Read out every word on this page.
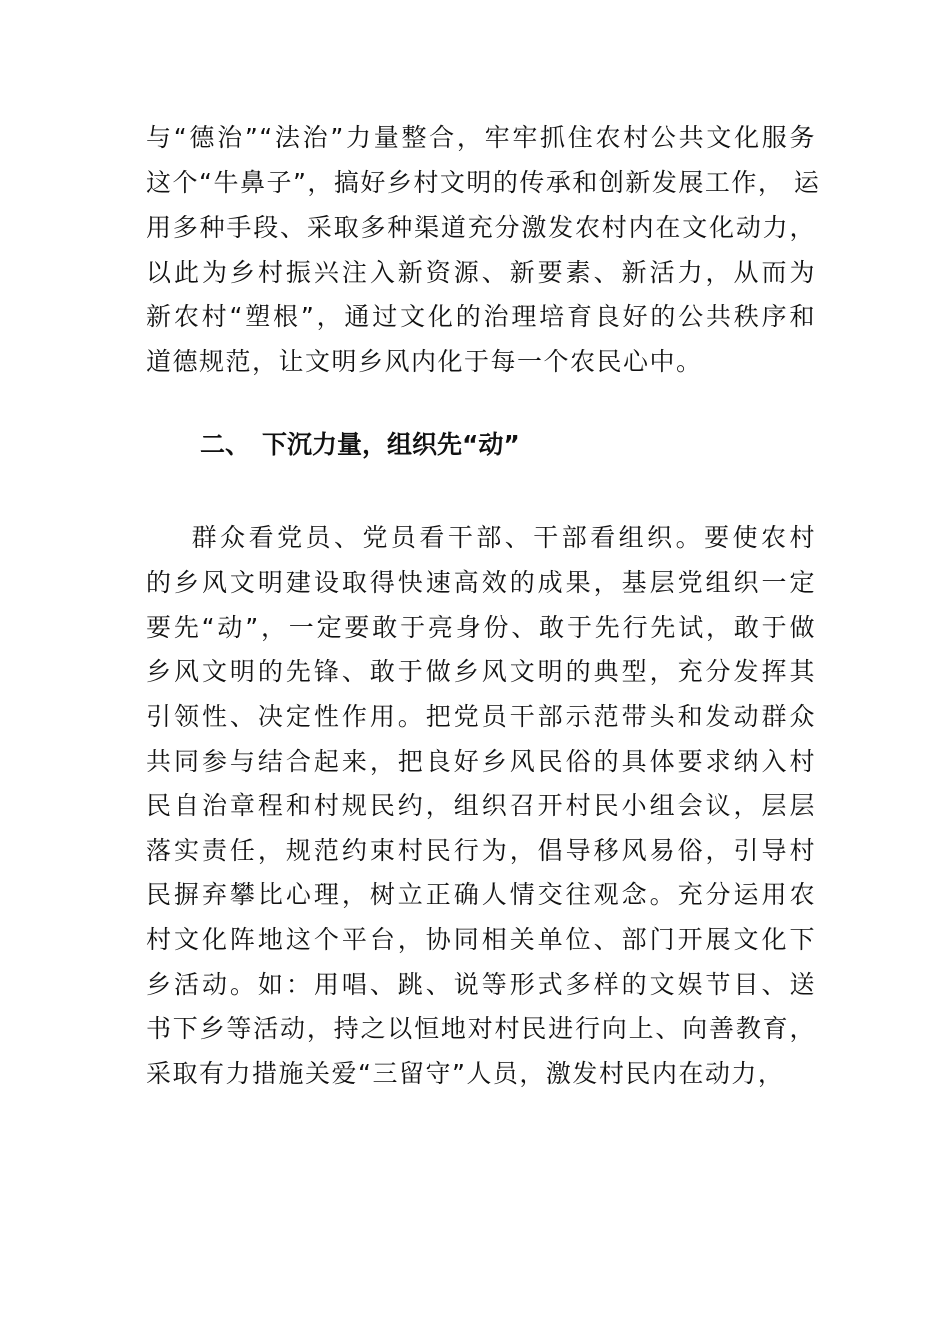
与“德治”“法治”力量整合，牢牢抓住农村公共文化服务
这个“牛鼻子”，搞好乡村文明的传承和创新发展工作， 运
用多种手段、采取多种渠道充分激发农村内在文化动力，
以此为乡村振兴注入新资源、新要素、新活力，从而为
新农村“塑根”，通过文化的治理培育良好的公共秩序和
道德规范，让文明乡风内化于每一个农民心中。
二、 下沉力量，组织先“动”
群众看党员、党员看干部、干部看组织。要使农村
的乡风文明建设取得快速高效的成果，基层党组织一定
要先“动”，一定要敢于亮身份、敢于先行先试，敢于做
乡风文明的先锋、敢于做乡风文明的典型，充分发挥其
引领性、决定性作用。把党员干部示范带头和发动群众
共同参与结合起来，把良好乡风民俗的具体要求纳入村
民自治章程和村规民约，组织召开村民小组会议，层层
落实责任，规范约束村民行为，倡导移风易俗，引导村
民摒弃攀比心理，树立正确人情交往观念。充分运用农
村文化阵地这个平台，协同相关单位、部门开展文化下
乡活动。如：用唱、跳、说等形式多样的文娱节目、送
书下乡等活动，持之以恒地对村民进行向上、向善教育，
采取有力措施关爱“三留守”人员，激发村民内在动力，
